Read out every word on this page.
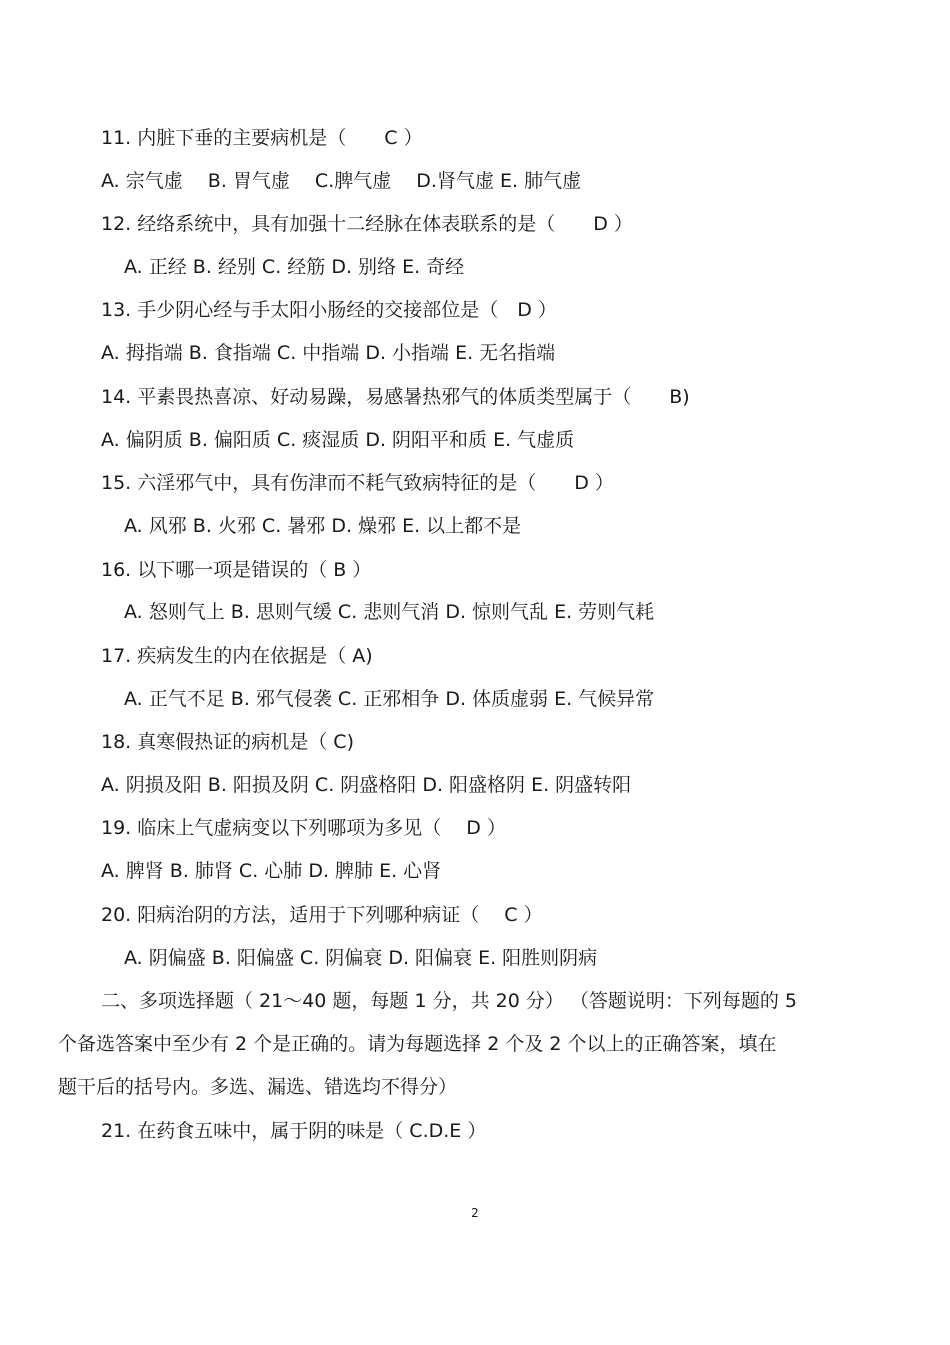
11. 内脏下垂的主要病机是（　　C ）
A. 宗气虚　 B. 胃气虚　 C.脾气虚　 D.肾气虚 E. 肺气虚
12. 经络系统中，具有加强十二经脉在体表联系的是（　　D ）
A. 正经 B. 经别 C. 经筋 D. 别络 E. 奇经
13. 手少阴心经与手太阳小肠经的交接部位是（　D ）
A. 拇指端 B. 食指端 C. 中指端 D. 小指端 E. 无名指端
14. 平素畏热喜凉、好动易躁，易感暑热邪气的体质类型属于（　　B)
A. 偏阴质 B. 偏阳质 C. 痰湿质 D. 阴阳平和质 E. 气虚质
15. 六淫邪气中，具有伤津而不耗气致病特征的是（　　D ）
A. 风邪 B. 火邪 C. 暑邪 D. 燥邪 E. 以上都不是
16. 以下哪一项是错误的（ B ）
A. 怒则气上 B. 思则气缓 C. 悲则气消 D. 惊则气乱 E. 劳则气耗
17. 疾病发生的内在依据是（ A)
A. 正气不足 B. 邪气侵袭 C. 正邪相争 D. 体质虚弱 E. 气候异常
18. 真寒假热证的病机是（ C)
A. 阴损及阳 B. 阳损及阴 C. 阴盛格阳 D. 阳盛格阴 E. 阴盛转阳
19. 临床上气虚病变以下列哪项为多见（　 D ）
A. 脾肾 B. 肺肾 C. 心肺 D. 脾肺 E. 心肾
20. 阳病治阴的方法，适用于下列哪种病证（　 C ）
A. 阴偏盛 B. 阳偏盛 C. 阴偏衰 D. 阳偏衰 E. 阳胜则阴病
二、多项选择题（ 21～40 题，每题 1 分，共 20 分） （答题说明：下列每题的 5
个备选答案中至少有 2 个是正确的。请为每题选择 2 个及 2 个以上的正确答案，填在
题干后的括号内。多选、漏选、错选均不得分）
21. 在药食五味中，属于阴的味是（ C.D.E ）
2
